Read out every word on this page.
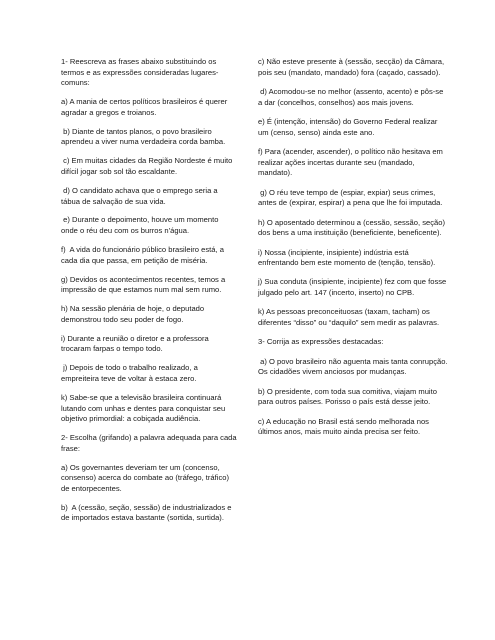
1- Reescreva as frases abaixo substituindo os termos e as expressões consideradas lugares-comuns:

a) A mania de certos políticos brasileiros é querer agradar a gregos e troianos.

b) Diante de tantos planos, o povo brasileiro aprendeu a viver numa verdadeira corda bamba.

c) Em muitas cidades da Região Nordeste é muito difícil jogar sob sol tão escaldante.

d) O candidato achava que o emprego seria a tábua de salvação de sua vida.

e) Durante o depoimento, houve um momento onde o réu deu com os burros n'água.

f)  A vida do funcionário público brasileiro está, a cada dia que passa, em petição de miséria.

g) Devidos os acontecimentos recentes, temos a impressão de que estamos num mal sem rumo.

h) Na sessão plenária de hoje, o deputado demonstrou todo seu poder de fogo.

i) Durante a reunião o diretor e a professora trocaram farpas o tempo todo.

j) Depois de todo o trabalho realizado, a empreiteira teve de voltar à estaca zero.

k) Sabe-se que a televisão brasileira continuará lutando com unhas e dentes para conquistar seu objetivo primordial: a cobiçada audiência.

2- Escolha (grifando) a palavra adequada para cada frase:

a) Os governantes deveriam ter um (concenso, consenso) acerca do combate ao (tráfego, tráfico) de entorpecentes.

b)  A (cessão, seção, sessão) de industrializados e de importados estava bastante (sortida, surtida).

c) Não esteve presente à (sessão, secção) da Câmara, pois seu (mandato, mandado) fora (caçado, cassado).

d) Acomodou-se no melhor (assento, acento) e pôs-se a dar (concelhos, conselhos) aos mais jovens.

e) É (intenção, intensão) do Governo Federal realizar um (censo, senso) ainda este ano.

f) Para (acender, ascender), o político não hesitava em realizar ações incertas durante seu (mandado, mandato).

g) O réu teve tempo de (espiar, expiar) seus crimes, antes de (expirar, espirar) a pena que lhe foi imputada.

h) O aposentado determinou a (cessão, sessão, seção) dos bens a uma instituição (beneficiente, beneficente).

i) Nossa (incipiente, insipiente) indústria está enfrentando bem este momento de (tenção, tensão).

j) Sua conduta (insipiente, incipiente) fez com que fosse julgado pelo art. 147 (incerto, inserto) no CPB.

k) As pessoas preconceituosas (taxam, tacham) os diferentes “disso” ou “daquilo” sem medir as palavras.

3- Corrija as expressões destacadas:

a) O povo brasileiro não aguenta mais tanta conrupção. Os cidadões vivem anciosos por mudanças.

b) O presidente, com toda sua comitiva, viajam muito para outros países. Porisso o país está desse jeito.

c) A educação no Brasil está sendo melhorada nos últimos anos, mais muito ainda precisa ser feito.
